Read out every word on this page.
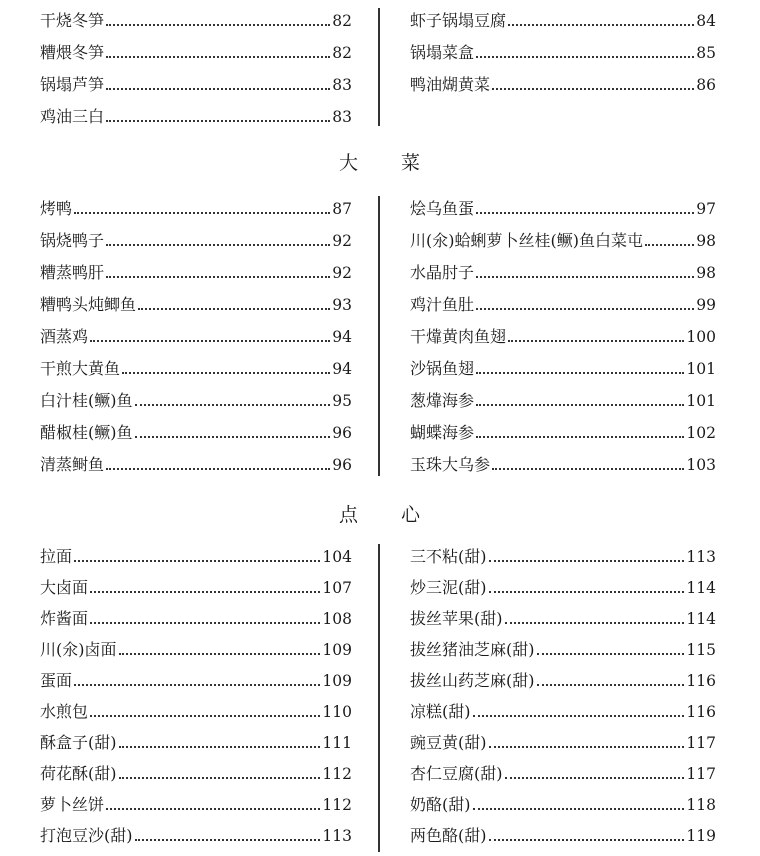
干烧冬笋	82
糟煨冬笋	82
锅塌芦笋	83
鸡油三白	83
虾子锅塌豆腐	84
锅塌菜盒	85
鸭油煳黄菜	86
大 菜
烤鸭	87
锅烧鸭子	92
糟蒸鸭肝	92
糟鸭头炖鲫鱼	93
酒蒸鸡	94
干煎大黄鱼	94
白汁桂(鳜)鱼	95
醋椒桂(鳜)鱼	96
清蒸鲥鱼	96
烩乌鱼蛋	97
川(氽)蛤蜊萝卜丝桂(鳜)鱼白菜屯	98
水晶肘子	98
鸡汁鱼肚	99
干㸆黄肉鱼翅	100
沙锅鱼翅	101
葱㸆海参	101
蝴蝶海参	102
玉珠大乌参	103
点 心
拉面	104
大卤面	107
炸酱面	108
川(氽)卤面	109
蛋面	109
水煎包	110
酥盒子(甜)	111
荷花酥(甜)	112
萝卜丝饼	112
打泡豆沙(甜)	113
三不粘(甜)	113
炒三泥(甜)	114
拔丝苹果(甜)	114
拔丝猪油芝麻(甜)	115
拔丝山药芝麻(甜)	116
凉糕(甜)	116
豌豆黄(甜)	117
杏仁豆腐(甜)	117
奶酪(甜)	118
两色酪(甜)	119
